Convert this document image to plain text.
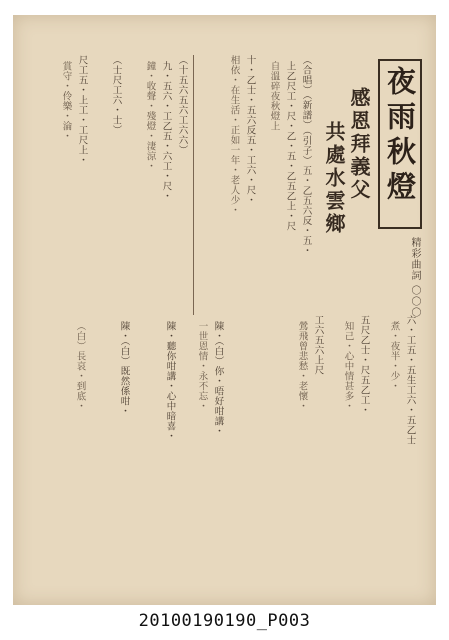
夜雨秋燈
精彩曲詞 〇〇〇
感恩拜義父
共處水雲鄉
（合唱）（新譜）（引子）五・乙五六反・五・
上乙尺工・尺・乙・五・乙五乙上・尺
自溫碎夜秋燈上
十・乙士・五六反五・工六・尺・
相依・在生活・正如一年・老人少・
（十五六五六工六六）
九・五六・工乙五・六工・尺・
鐘・收聲・殘燈・淒涼・
（士尺工六・士）
尺工五・上工・工尺上・
賞守・伶樂・淪・
六・工五・五生工六・五乙士
煮・夜半・少・
五尺乙士・尺五乙工・
知己・心中情甚多・
工六五六上尺
鶯飛曾悲愁・老懷・
陳・（白）你・唔好咁講・
一世恩情・永不忘・
陳・聽你咁講・心中暗喜・
陳・（白）既然係咁・
（白）長哀・到底・
20100190190_P003
